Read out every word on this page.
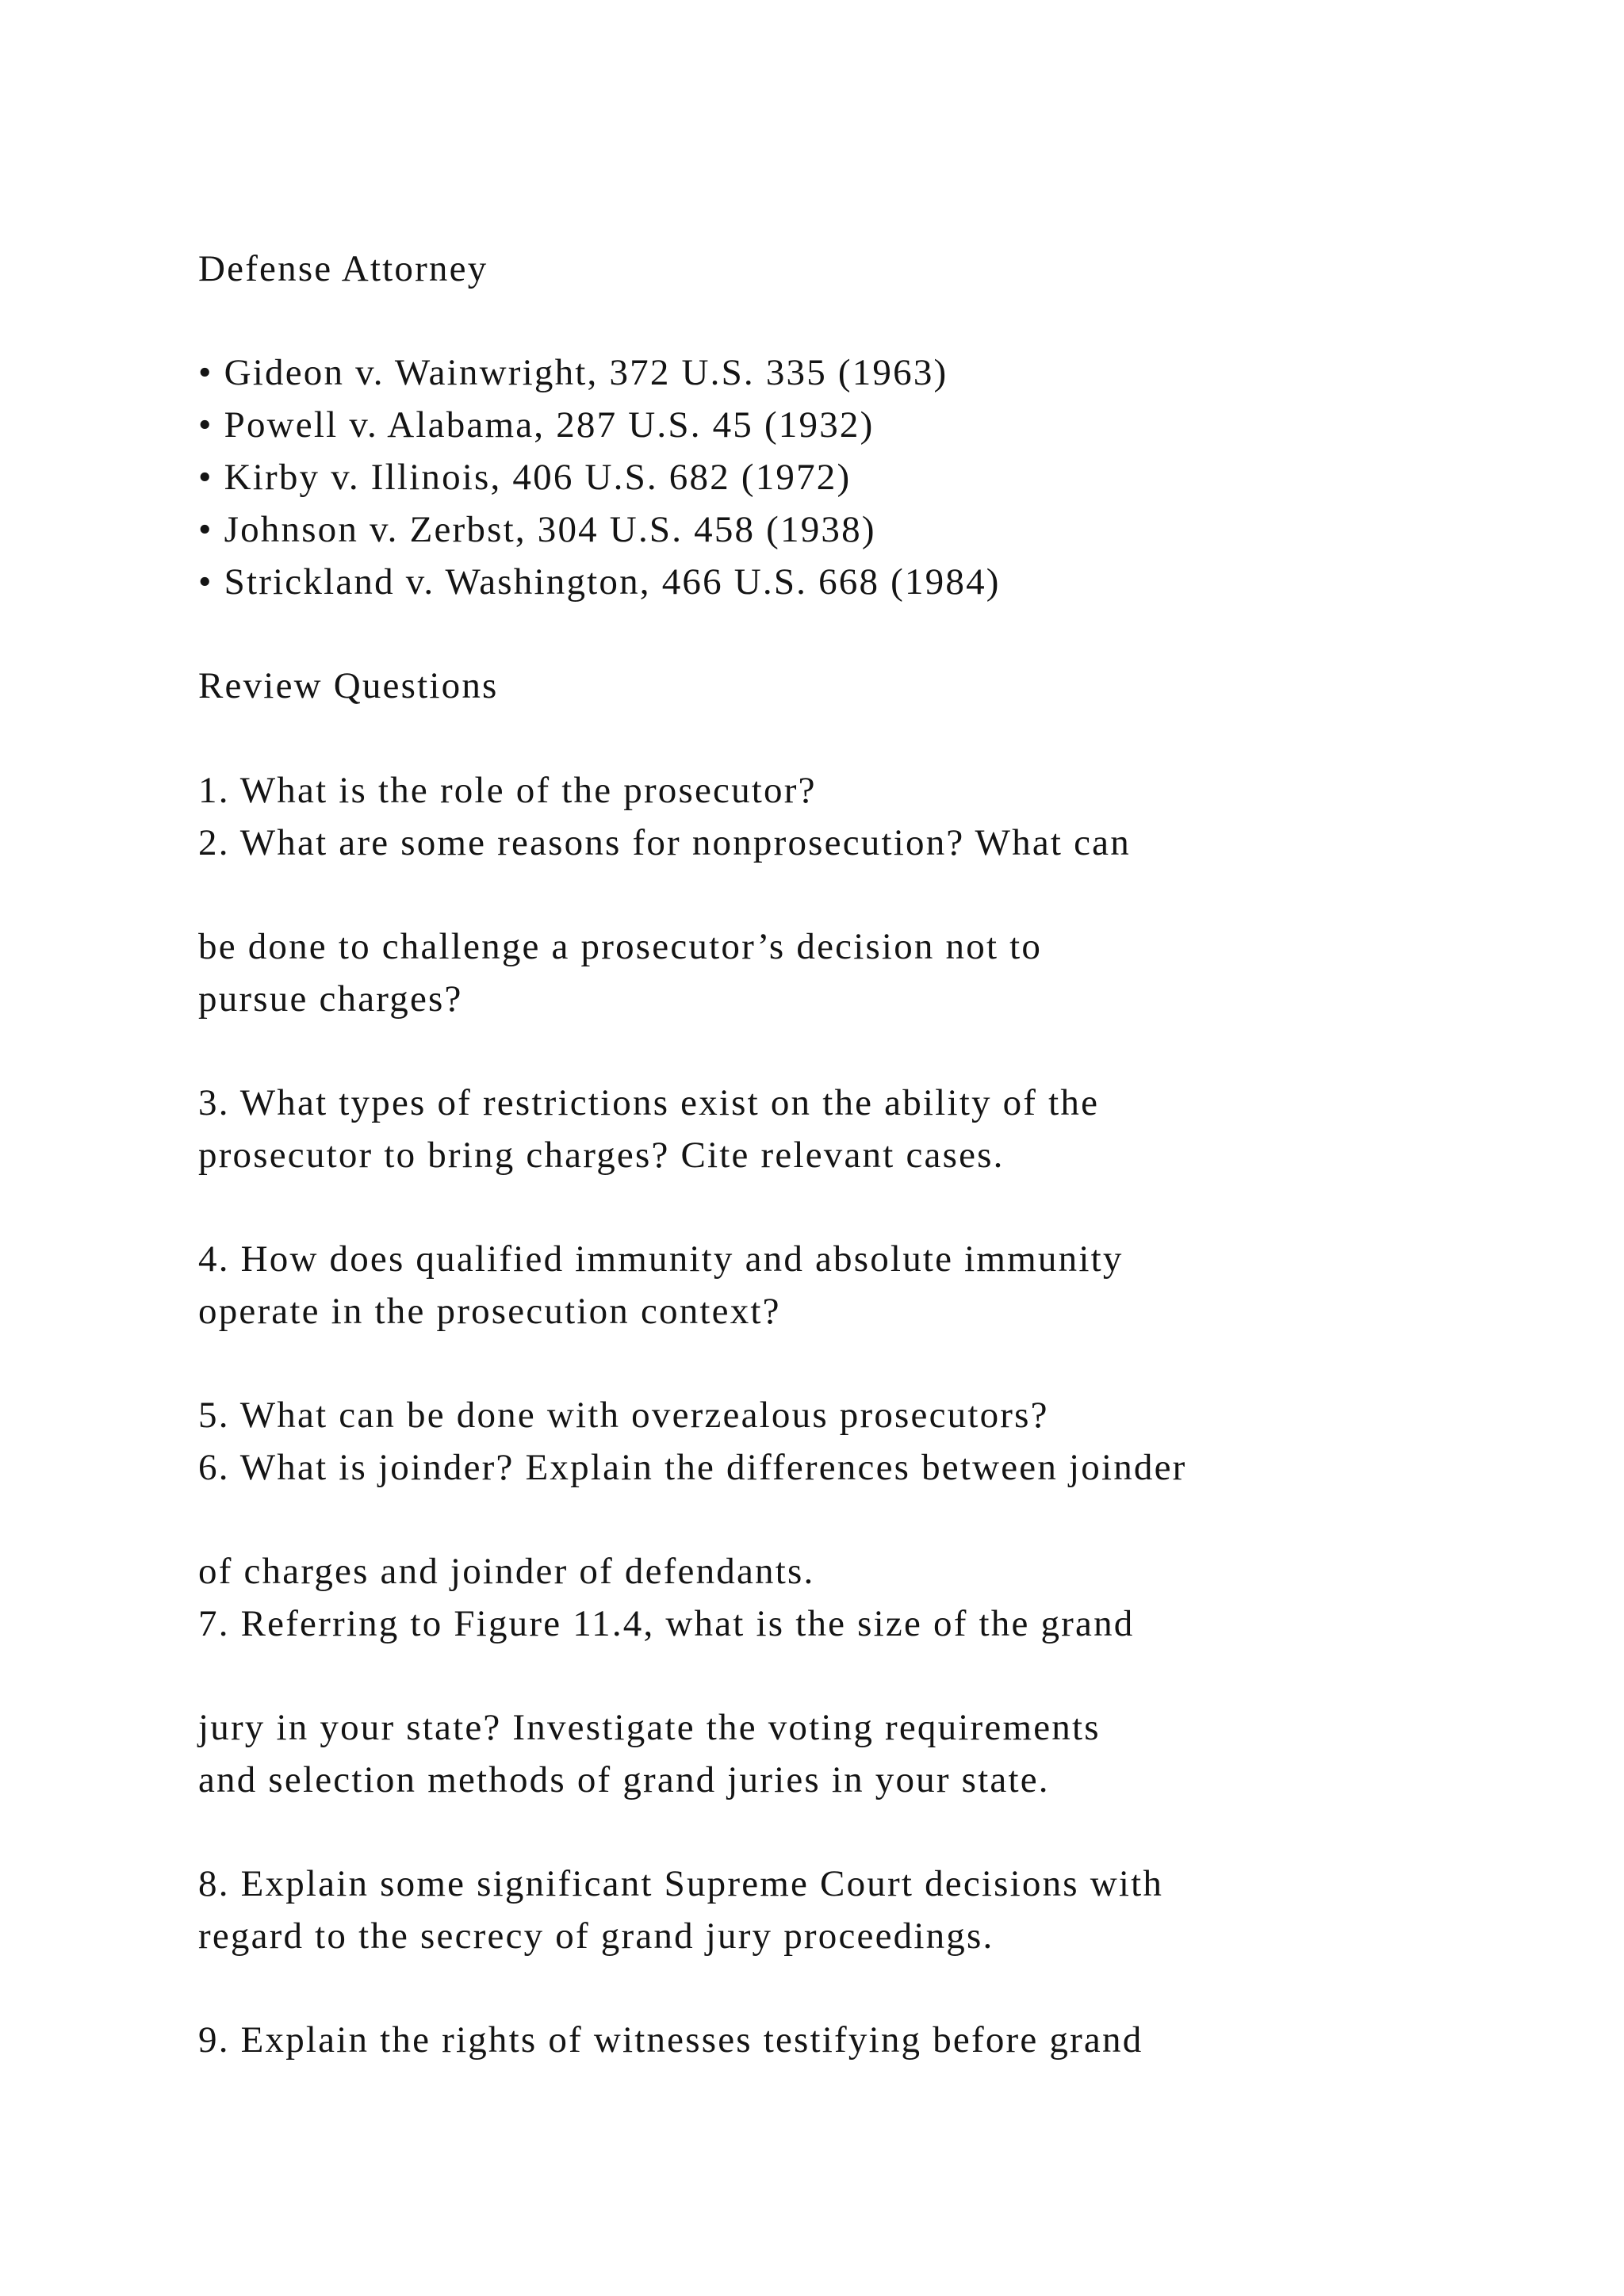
Defense Attorney
• Gideon v. Wainwright, 372 U.S. 335 (1963)
• Powell v. Alabama, 287 U.S. 45 (1932)
• Kirby v. Illinois, 406 U.S. 682 (1972)
• Johnson v. Zerbst, 304 U.S. 458 (1938)
• Strickland v. Washington, 466 U.S. 668 (1984)
Review Questions
1. What is the role of the prosecutor?
2. What are some reasons for nonprosecution? What can
be done to challenge a prosecutor’s decision not to
pursue charges?
3. What types of restrictions exist on the ability of the
prosecutor to bring charges? Cite relevant cases.
4. How does qualified immunity and absolute immunity
operate in the prosecution context?
5. What can be done with overzealous prosecutors?
6. What is joinder? Explain the differences between joinder
of charges and joinder of defendants.
7. Referring to Figure 11.4, what is the size of the grand
jury in your state? Investigate the voting requirements
and selection methods of grand juries in your state.
8. Explain some significant Supreme Court decisions with
regard to the secrecy of grand jury proceedings.
9. Explain the rights of witnesses testifying before grand
